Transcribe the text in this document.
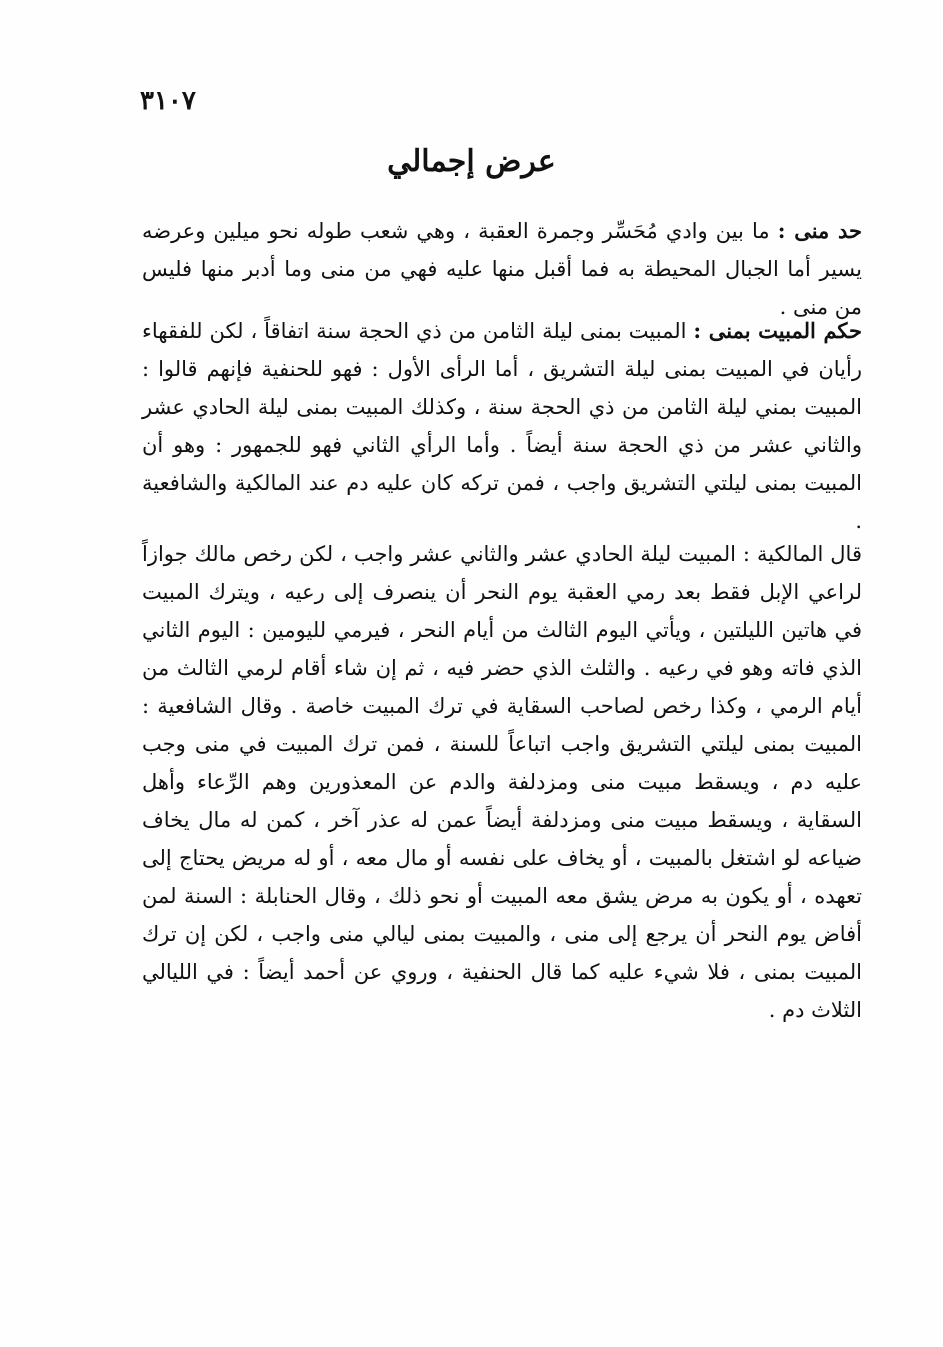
٣١٠٧
عرض إجمالي

حد منى : ما بين وادي مُحَسِّر وجمرة العقبة ، وهي شعب طوله نحو ميلين وعرضه يسير أما الجبال المحيطة به فما أقبل منها عليه فهي من منى وما أدبر منها فليس من منى .

حكم المبيت بمنى : المبيت بمنى ليلة الثامن من ذي الحجة سنة اتفاقاً ، لكن للفقهاء رأيان في المبيت بمنى ليلة التشريق ، أما الرأى الأول : فهو للحنفية فإنهم قالوا : المبيت بمني ليلة الثامن من ذي الحجة سنة ، وكذلك المبيت بمنى ليلة الحادي عشر والثاني عشر من ذي الحجة سنة أيضاً . وأما الرأي الثاني فهو للجمهور : وهو أن المبيت بمنى ليلتي التشريق واجب ، فمن تركه كان عليه دم عند المالكية والشافعية .

قال المالكية : المبيت ليلة الحادي عشر والثاني عشر واجب ، لكن رخص مالك جوازاً لراعي الإبل فقط بعد رمي العقبة يوم النحر أن ينصرف إلى رعيه ، ويترك المبيت في هاتين الليلتين ، ويأتي اليوم الثالث من أيام النحر ، فيرمي لليومين : اليوم الثاني الذي فاته وهو في رعيه . والثلث الذي حضر فيه ، ثم إن شاء أقام لرمي الثالث من أيام الرمي ، وكذا رخص لصاحب السقاية في ترك المبيت خاصة . وقال الشافعية : المبيت بمنى ليلتي التشريق واجب اتباعاً للسنة ، فمن ترك المبيت في منى وجب عليه دم ، ويسقط مبيت منى ومزدلفة والدم عن المعذورين وهم الرِّعاء وأهل السقاية ، ويسقط مبيت منى ومزدلفة أيضاً عمن له عذر آخر ، كمن له مال يخاف ضياعه لو اشتغل بالمبيت ، أو يخاف على نفسه أو مال معه ، أو له مريض يحتاج إلى تعهده ، أو يكون به مرض يشق معه المبيت أو نحو ذلك ، وقال الحنابلة : السنة لمن أفاض يوم النحر أن يرجع إلى منى ، والمبيت بمنى ليالي منى واجب ، لكن إن ترك المبيت بمنى ، فلا شيء عليه كما قال الحنفية ، وروي عن أحمد أيضاً : في الليالي الثلاث دم .
